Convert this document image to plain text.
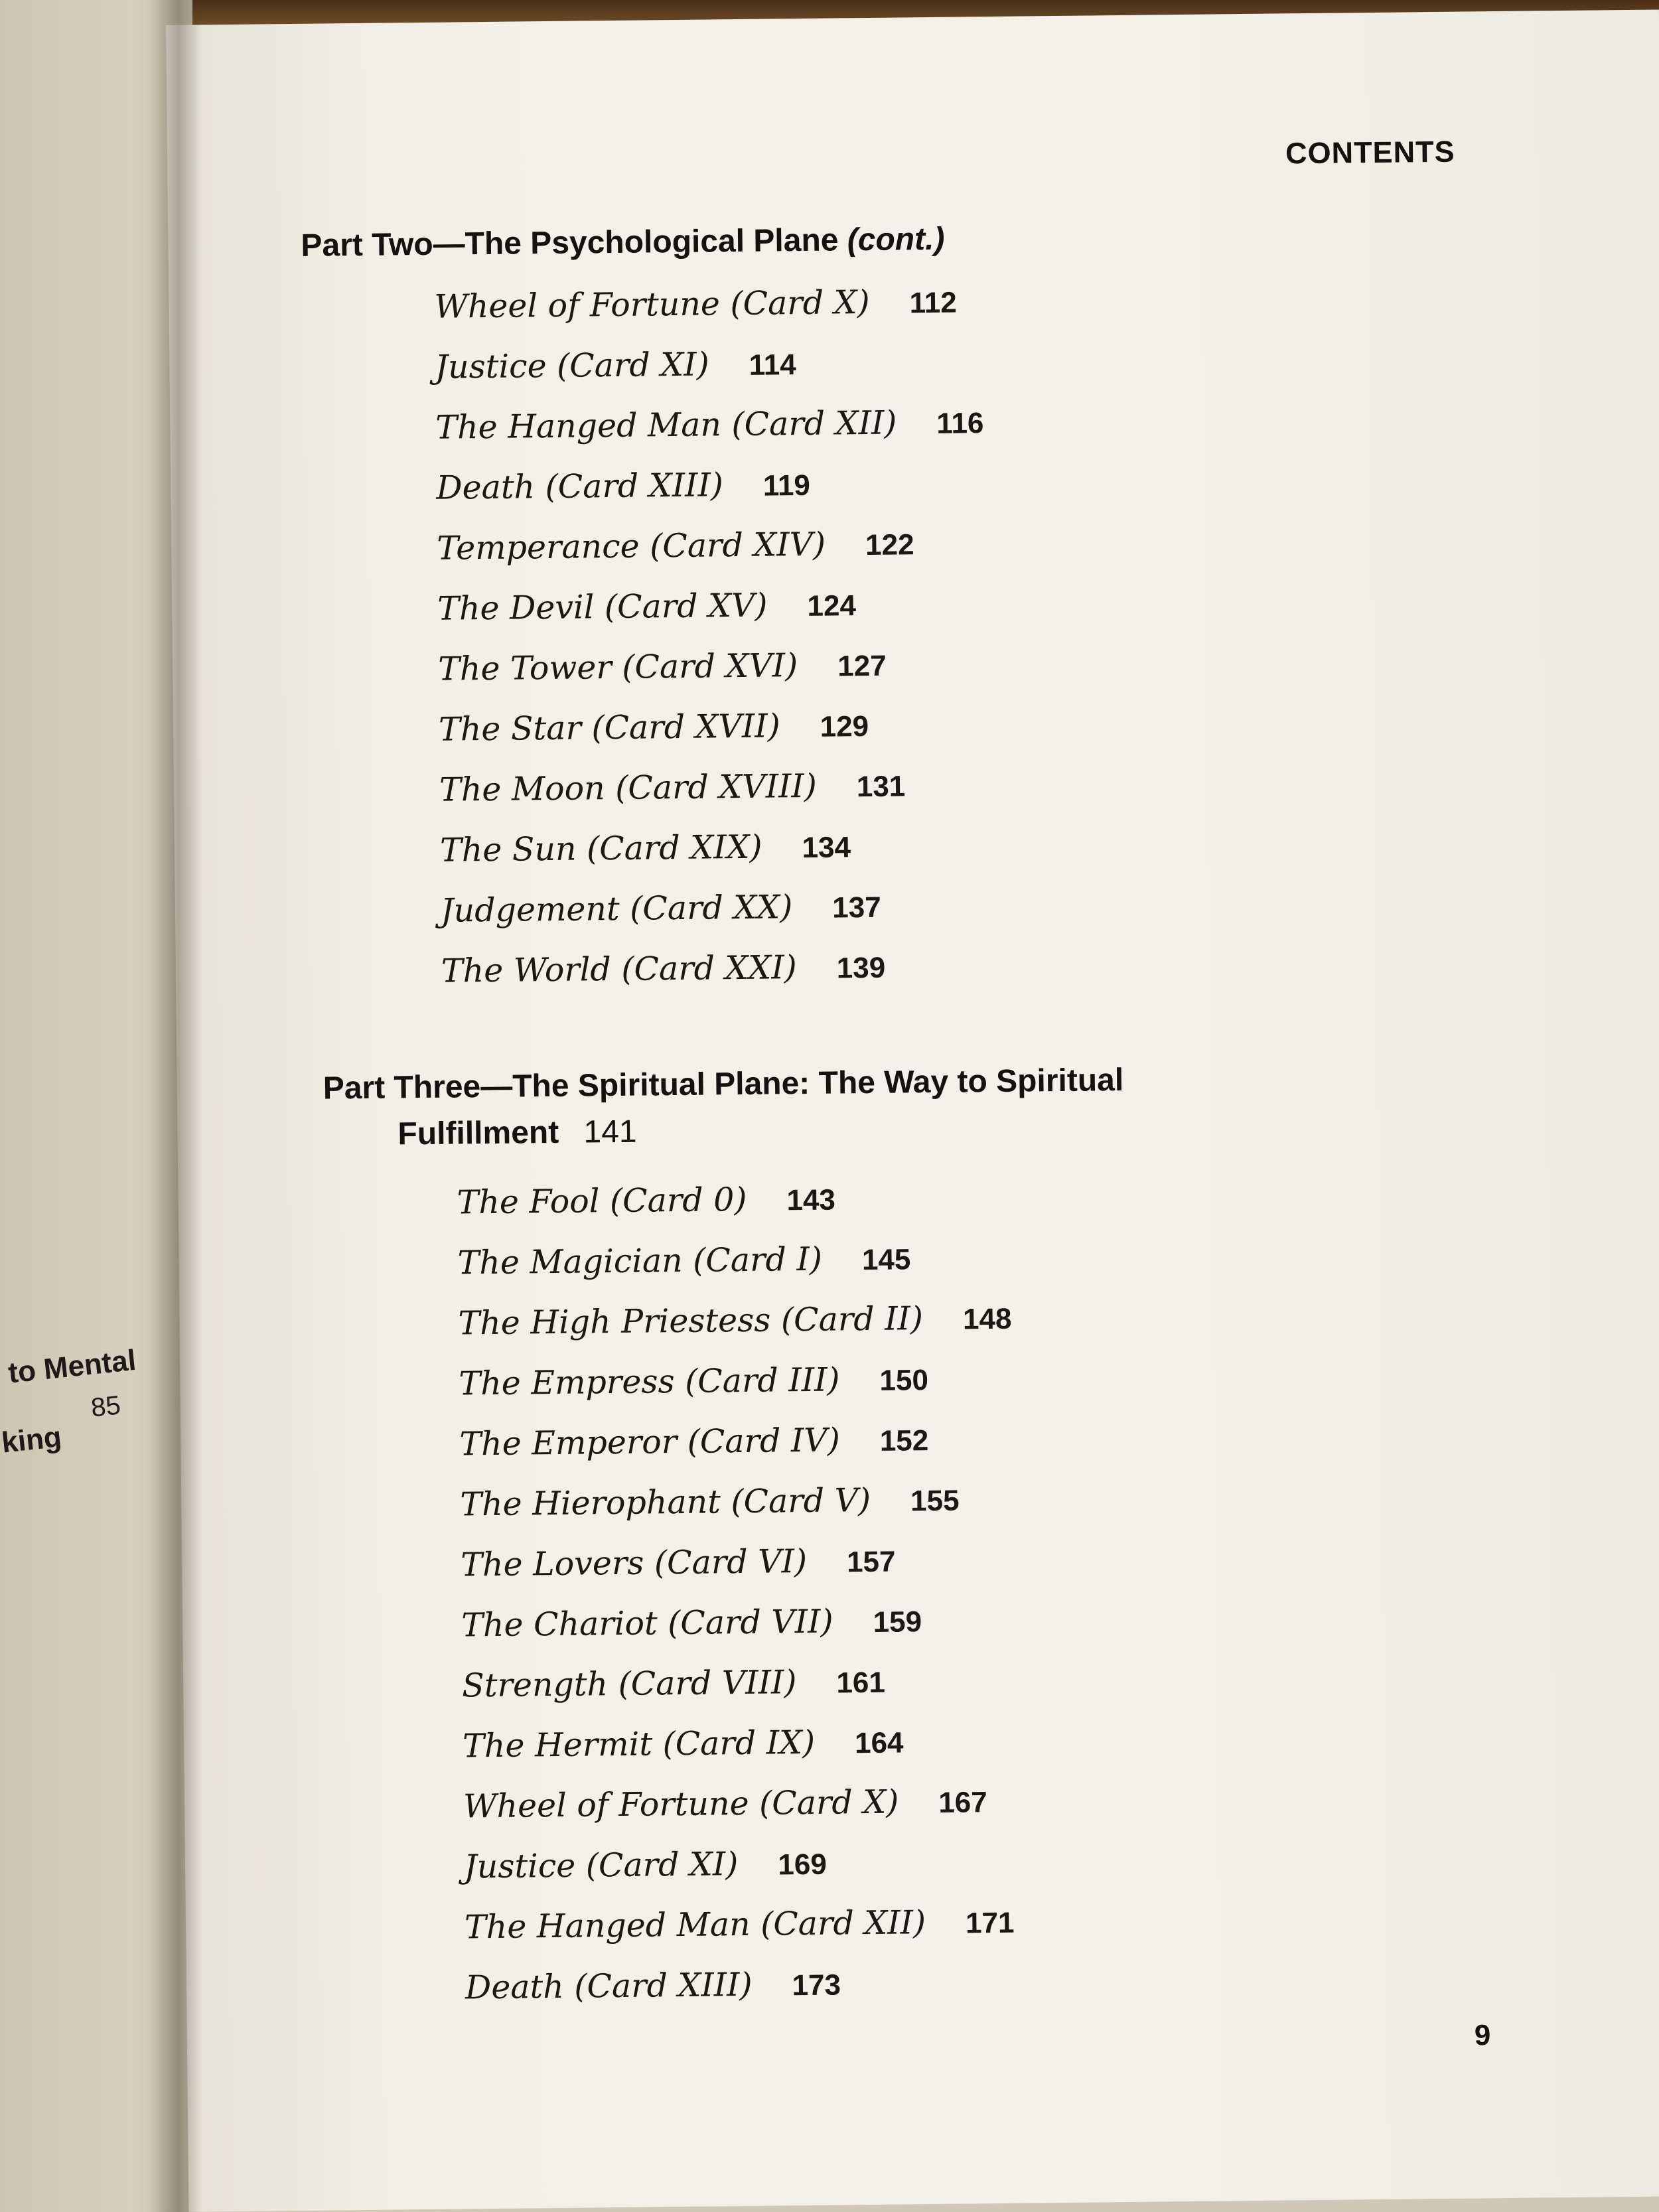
to Mental
king
85
CONTENTS
Part Two—The Psychological Plane (cont.)
Wheel of Fortune (Card X) 112
Justice (Card XI) 114
The Hanged Man (Card XII) 116
Death (Card XIII) 119
Temperance (Card XIV) 122
The Devil (Card XV) 124
The Tower (Card XVI) 127
The Star (Card XVII) 129
The Moon (Card XVIII) 131
The Sun (Card XIX) 134
Judgement (Card XX) 137
The World (Card XXI) 139
Part Three—The Spiritual Plane: The Way to Spiritual
Fulfillment 141
The Fool (Card 0) 143
The Magician (Card I) 145
The High Priestess (Card II) 148
The Empress (Card III) 150
The Emperor (Card IV) 152
The Hierophant (Card V) 155
The Lovers (Card VI) 157
The Chariot (Card VII) 159
Strength (Card VIII) 161
The Hermit (Card IX) 164
Wheel of Fortune (Card X) 167
Justice (Card XI) 169
The Hanged Man (Card XII) 171
Death (Card XIII) 173
9
